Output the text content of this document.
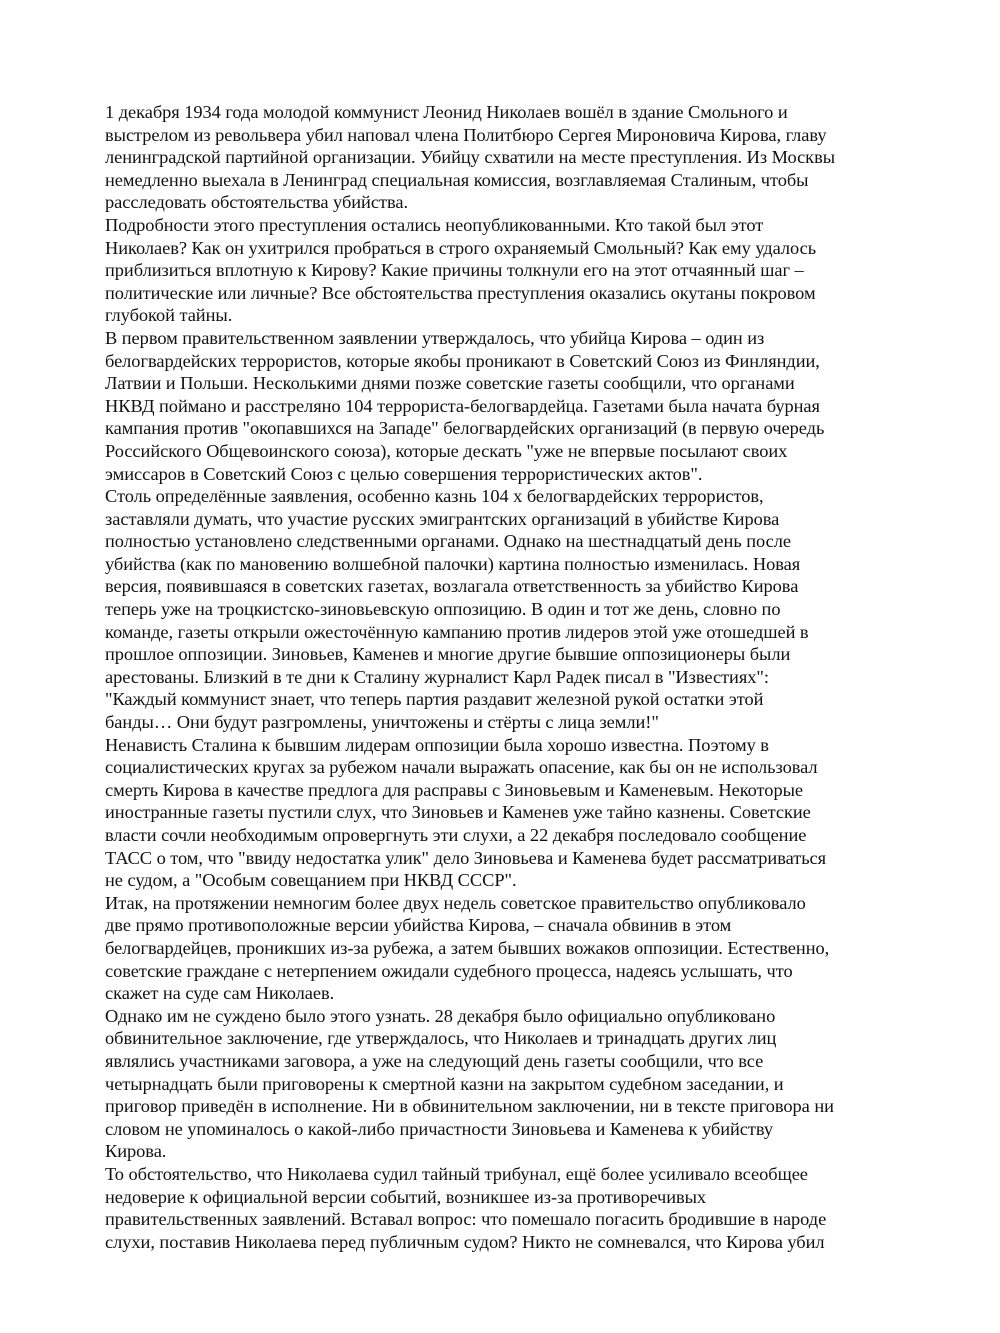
1 декабря 1934 года молодой коммунист Леонид Николаев вошёл в здание Смольного и
выстрелом из револьвера убил наповал члена Политбюро Сергея Мироновича Кирова, главу
ленинградской партийной организации. Убийцу схватили на месте преступления. Из Москвы
немедленно выехала в Ленинград специальная комиссия, возглавляемая Сталиным, чтобы
расследовать обстоятельства убийства.
Подробности этого преступления остались неопубликованными. Кто такой был этот
Николаев? Как он ухитрился пробраться в строго охраняемый Смольный? Как ему удалось
приблизиться вплотную к Кирову? Какие причины толкнули его на этот отчаянный шаг –
политические или личные? Все обстоятельства преступления оказались окутаны покровом
глубокой тайны.
В первом правительственном заявлении утверждалось, что убийца Кирова – один из
белогвардейских террористов, которые якобы проникают в Советский Союз из Финляндии,
Латвии и Польши. Несколькими днями позже советские газеты сообщили, что органами
НКВД поймано и расстреляно 104 террориста-белогвардейца. Газетами была начата бурная
кампания против "окопавшихся на Западе" белогвардейских организаций (в первую очередь
Российского Общевоинского союза), которые дескать "уже не впервые посылают своих
эмиссаров в Советский Союз с целью совершения террористических актов".
Столь определённые заявления, особенно казнь 104 х белогвардейских террористов,
заставляли думать, что участие русских эмигрантских организаций в убийстве Кирова
полностью установлено следственными органами. Однако на шестнадцатый день после
убийства (как по мановению волшебной палочки) картина полностью изменилась. Новая
версия, появившаяся в советских газетах, возлагала ответственность за убийство Кирова
теперь уже на троцкистско-зиновьевскую оппозицию. В один и тот же день, словно по
команде, газеты открыли ожесточённую кампанию против лидеров этой уже отошедшей в
прошлое оппозиции. Зиновьев, Каменев и многие другие бывшие оппозиционеры были
арестованы. Близкий в те дни к Сталину журналист Карл Радек писал в "Известиях":
"Каждый коммунист знает, что теперь партия раздавит железной рукой остатки этой
банды… Они будут разгромлены, уничтожены и стёрты с лица земли!"
Ненависть Сталина к бывшим лидерам оппозиции была хорошо известна. Поэтому в
социалистических кругах за рубежом начали выражать опасение, как бы он не использовал
смерть Кирова в качестве предлога для расправы с Зиновьевым и Каменевым. Некоторые
иностранные газеты пустили слух, что Зиновьев и Каменев уже тайно казнены. Советские
власти сочли необходимым опровергнуть эти слухи, а 22 декабря последовало сообщение
ТАСС о том, что "ввиду недостатка улик" дело Зиновьева и Каменева будет рассматриваться
не судом, а "Особым совещанием при НКВД СССР".
Итак, на протяжении немногим более двух недель советское правительство опубликовало
две прямо противоположные версии убийства Кирова, – сначала обвинив в этом
белогвардейцев, проникших из-за рубежа, а затем бывших вожаков оппозиции. Естественно,
советские граждане с нетерпением ожидали судебного процесса, надеясь услышать, что
скажет на суде сам Николаев.
Однако им не суждено было этого узнать. 28 декабря было официально опубликовано
обвинительное заключение, где утверждалось, что Николаев и тринадцать других лиц
являлись участниками заговора, а уже на следующий день газеты сообщили, что все
четырнадцать были приговорены к смертной казни на закрытом судебном заседании, и
приговор приведён в исполнение. Ни в обвинительном заключении, ни в тексте приговора ни
словом не упоминалось о какой-либо причастности Зиновьева и Каменева к убийству
Кирова.
То обстоятельство, что Николаева судил тайный трибунал, ещё более усиливало всеобщее
недоверие к официальной версии событий, возникшее из-за противоречивых
правительственных заявлений. Вставал вопрос: что помешало погасить бродившие в народе
слухи, поставив Николаева перед публичным судом? Никто не сомневался, что Кирова убил
